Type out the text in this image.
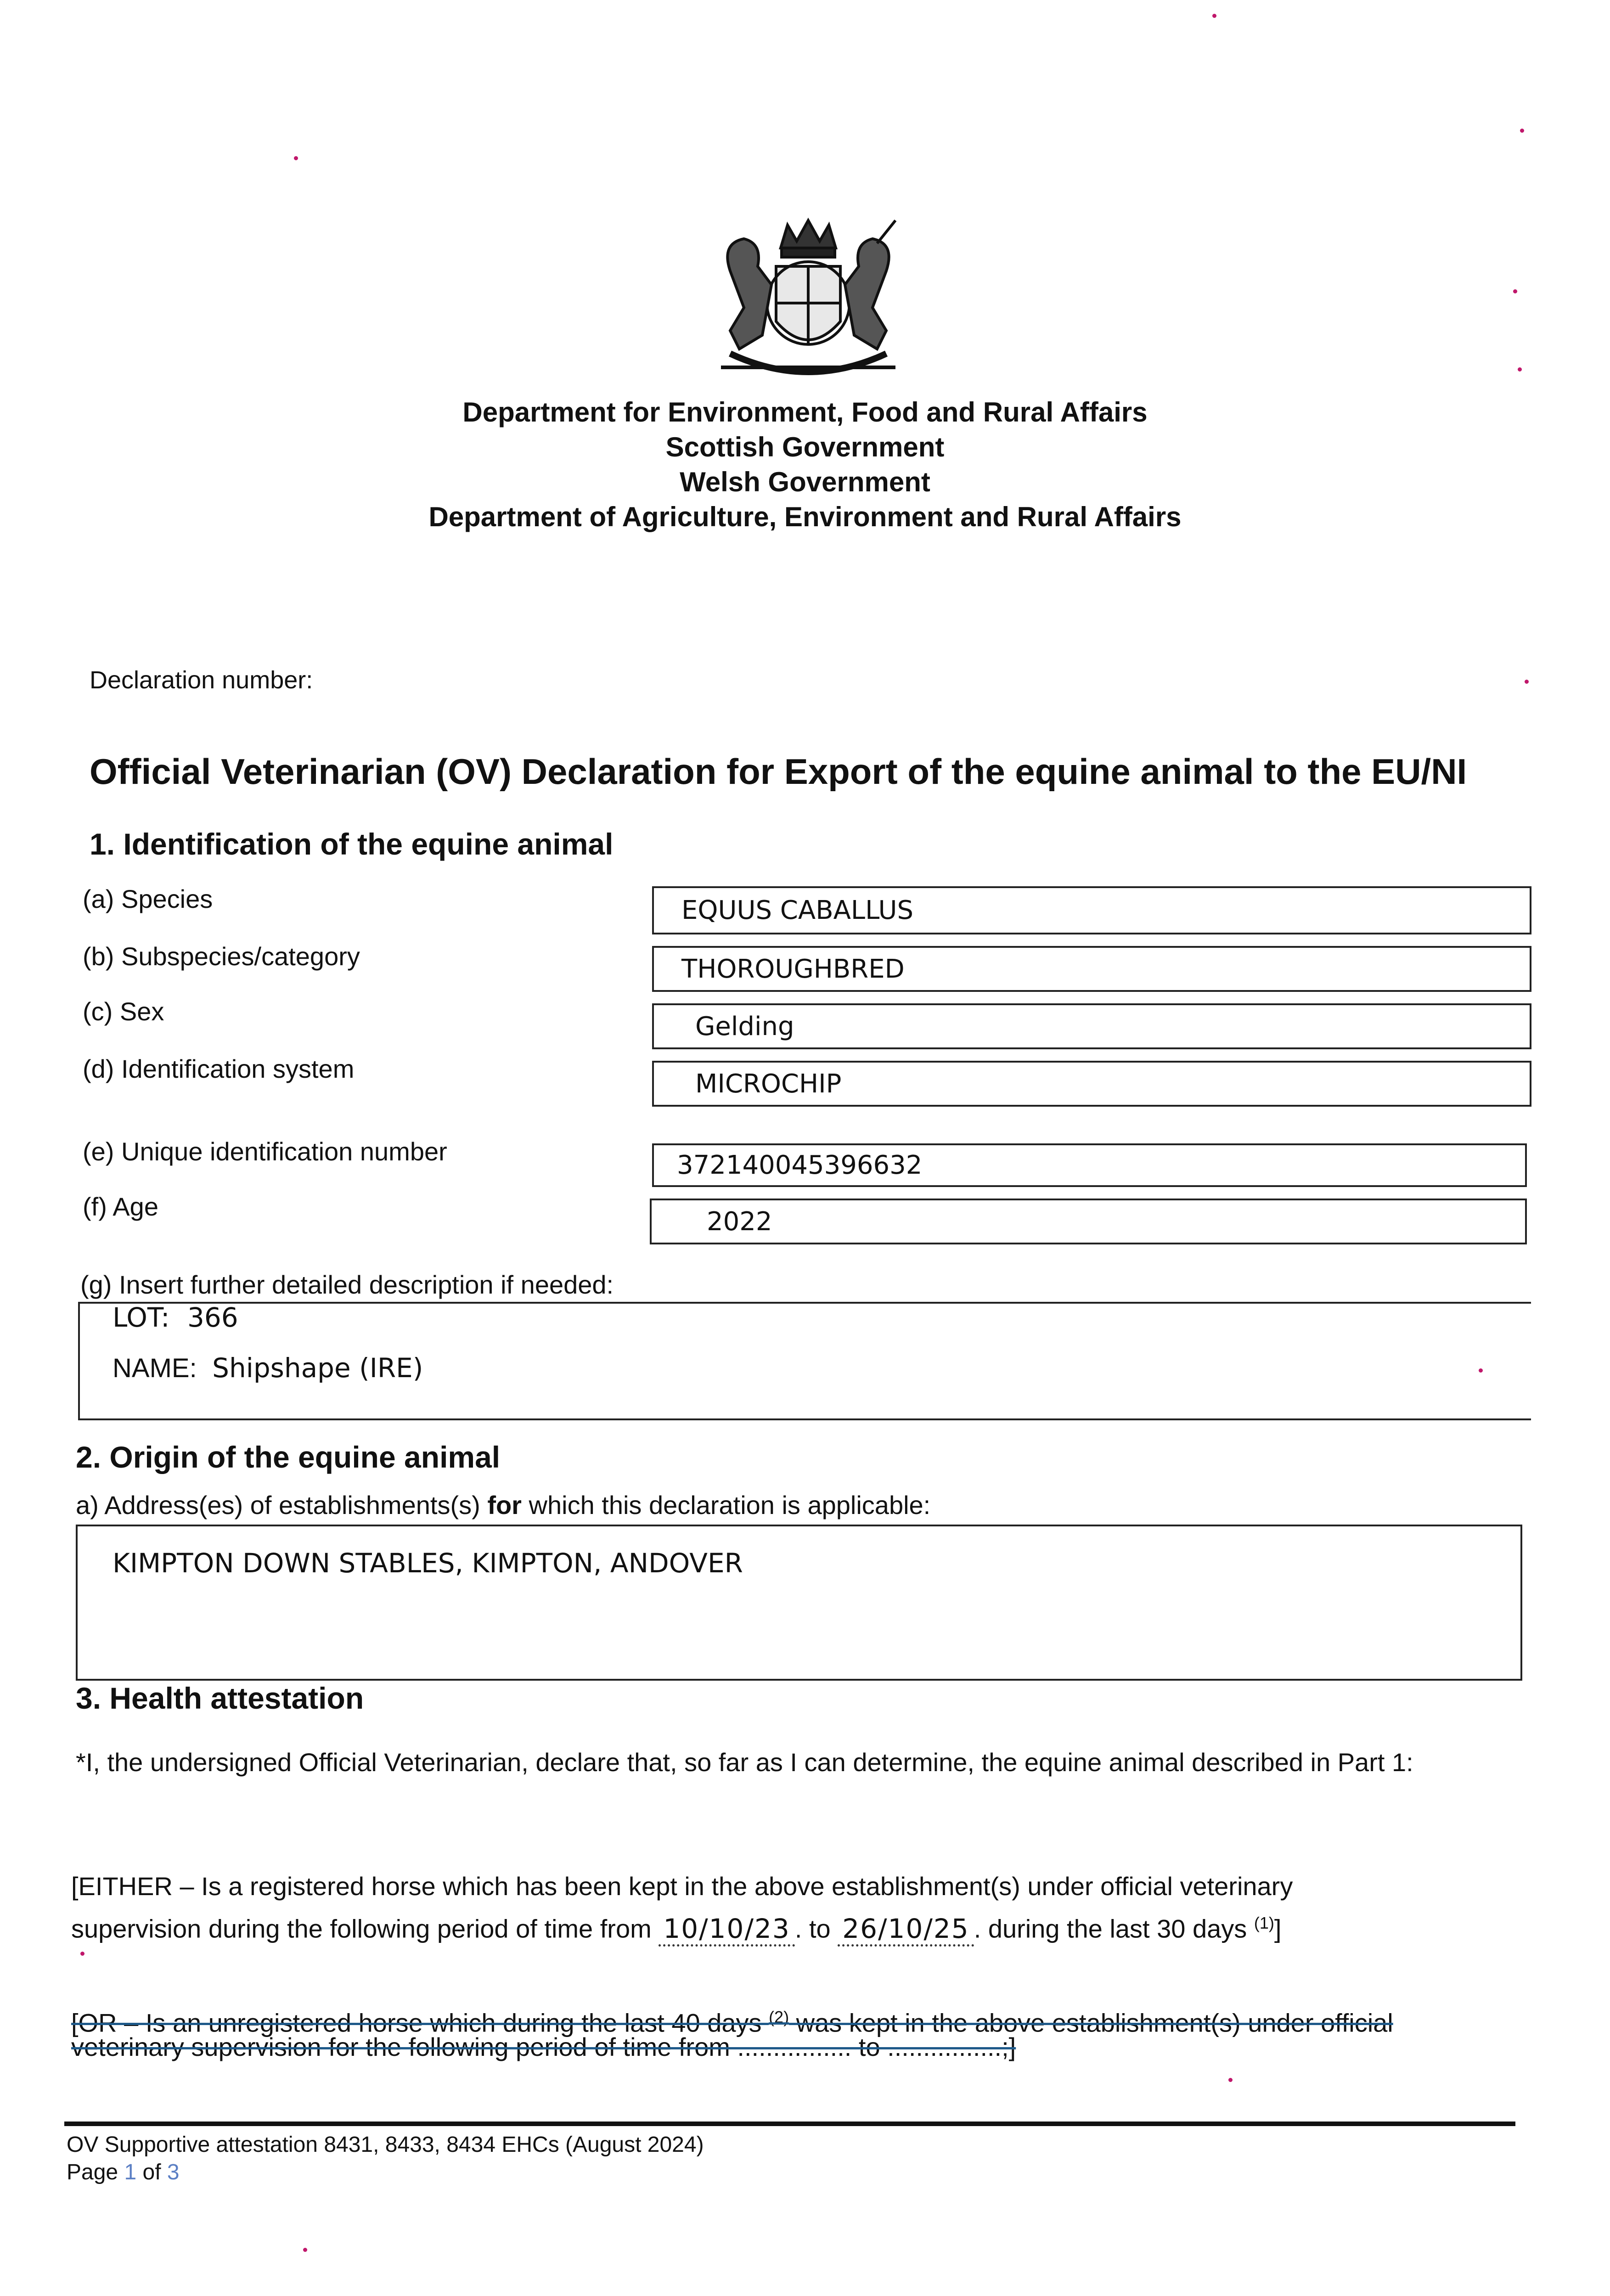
Department for Environment, Food and Rural Affairs
Scottish Government
Welsh Government
Department of Agriculture, Environment and Rural Affairs
Declaration number:
Official Veterinarian (OV) Declaration for Export of the equine animal to the EU/NI
1. Identification of the equine animal
(a) Species	EQUUS CABALLUS
(b) Subspecies/category	THOROUGHBRED
(c) Sex	Gelding
(d) Identification system	MICROCHIP
(e) Unique identification number	372140045396632
(f) Age	2022
(g) Insert further detailed description if needed:
LOT: 366
NAME: Shipshape (IRE)
2. Origin of the equine animal
a) Address(es) of establishments(s) for which this declaration is applicable:
KIMPTON DOWN STABLES, KIMPTON, ANDOVER
3. Health attestation
*I, the undersigned Official Veterinarian, declare that, so far as I can determine, the equine animal described in Part 1:
[EITHER – Is a registered horse which has been kept in the above establishment(s) under official veterinary
supervision during the following period of time from 10/10/23 . to 26/10/25 . during the last 30 days $^{(1)}$]
[OR – Is an unregistered horse which during the last 40 days $^{(2)}$ was kept in the above establishment(s) under official
veterinary supervision for the following period of time from ................ to ................;]
OV Supportive attestation 8431, 8433, 8434 EHCs (August 2024)
Page 1 of 3
